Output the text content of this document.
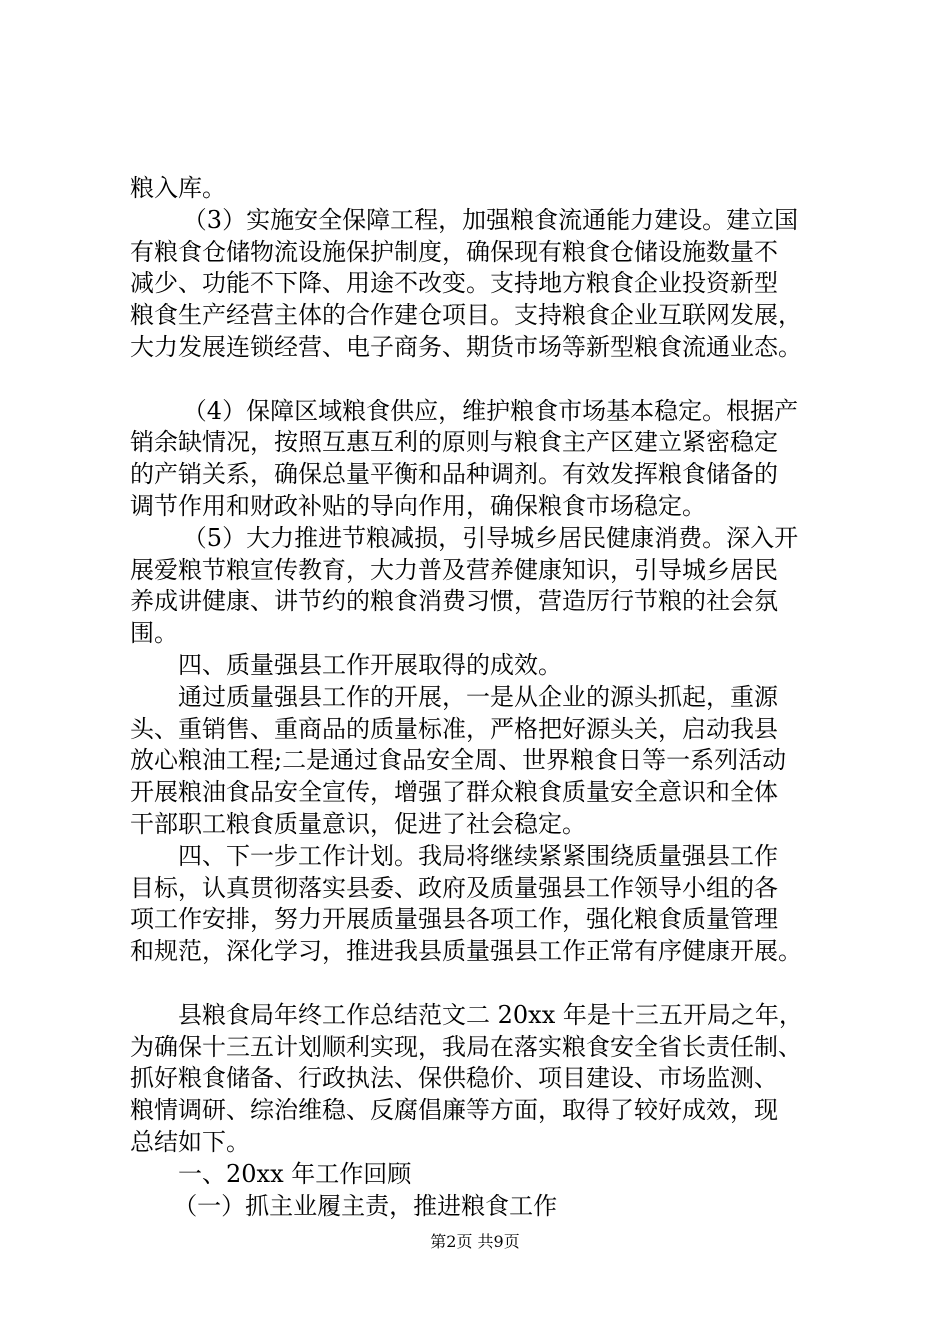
粮入库。
（3）实施安全保障工程，加强粮食流通能力建设。建立国
有粮食仓储物流设施保护制度，确保现有粮食仓储设施数量不
减少、功能不下降、用途不改变。支持地方粮食企业投资新型
粮食生产经营主体的合作建仓项目。支持粮食企业互联网发展，
大力发展连锁经营、电子商务、期货市场等新型粮食流通业态。
（4）保障区域粮食供应，维护粮食市场基本稳定。根据产
销余缺情况，按照互惠互利的原则与粮食主产区建立紧密稳定
的产销关系，确保总量平衡和品种调剂。有效发挥粮食储备的
调节作用和财政补贴的导向作用，确保粮食市场稳定。
（5）大力推进节粮减损，引导城乡居民健康消费。深入开
展爱粮节粮宣传教育，大力普及营养健康知识，引导城乡居民
养成讲健康、讲节约的粮食消费习惯，营造厉行节粮的社会氛
围。
四、质量强县工作开展取得的成效。
通过质量强县工作的开展，一是从企业的源头抓起，重源
头、重销售、重商品的质量标准，严格把好源头关，启动我县
放心粮油工程;二是通过食品安全周、世界粮食日等一系列活动
开展粮油食品安全宣传，增强了群众粮食质量安全意识和全体
干部职工粮食质量意识，促进了社会稳定。
四、下一步工作计划。我局将继续紧紧围绕质量强县工作
目标，认真贯彻落实县委、政府及质量强县工作领导小组的各
项工作安排，努力开展质量强县各项工作，强化粮食质量管理
和规范，深化学习，推进我县质量强县工作正常有序健康开展。
县粮食局年终工作总结范文二 20xx 年是十三五开局之年，
为确保十三五计划顺利实现，我局在落实粮食安全省长责任制、
抓好粮食储备、行政执法、保供稳价、项目建设、市场监测、
粮情调研、综治维稳、反腐倡廉等方面，取得了较好成效，现
总结如下。
一、20xx 年工作回顾
（一）抓主业履主责，推进粮食工作
第2页 共9页
